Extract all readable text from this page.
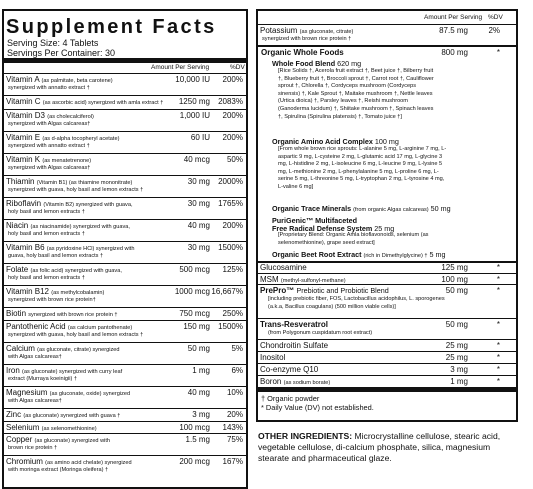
Supplement Facts
Serving Size: 4 Tablets
Servings Per Container: 30
Amount Per Serving	%DV
Vitamin A (as palmitate, beta carotene)
synergized with annatto extract †
10,000 IU 200%
Vitamin C (as ascorbic acid) synergized with amla extract † 1250 mg 2083%
Vitamin D3 (as cholecalciferol)
synergized with Algas calcareas†
1,000 IU 200%
Vitamin E (as d-alpha tocopheryl acetate)
synergized with annatto extract †
60 IU 200%
Vitamin K (as menatetrenone)
synergized with Algas calcareas†
40 mcg 50%
Thiamin (Vitamin B1) (as thiamine mononitrate)
synergized with guava, holy basil and lemon extracts †
30 mg 2000%
Riboflavin (Vitamin B2) synergized with guava,
holy basil and lemon extracts †
30 mg 1765%
Niacin (as niacinamide) synergized with guava,
holy basil and lemon extracts †
40 mg 200%
Vitamin B6 (as pyridoxine HCl) synergized with
guava, holy basil and lemon extracts †
30 mg 1500%
Folate (as folic acid) synergized with guava,
holy basil and lemon extracts †
500 mcg 125%
Vitamin B12 (as methylcobalamin)
synergized with brown rice protein†
1000 mcg 16,667%
Biotin synergized with brown rice protein †	750 mcg 250%
Pantothenic Acid (as calcium pantothenate)
synergized with guava, holy basil and lemon extracts †
150 mg 1500%
Calcium (as gluconate, citrate) synergized
with Algas calcareas†
50 mg	5%
Iron (as gluconate) synergized with curry leaf
extract (Murraya koeinigii) †
1 mg	6%
Magnesium (as gluconate, oxide) synergized
with Algas calcareas†
40 mg 10%
Zinc (as gluconate) synergized with guava †	3 mg 20%
Selenium (as selenomethionine)	100 mcg 143%
Copper (as gluconate) synergized with
brown rice protein †
1.5 mg 75%
Chromium (as amino acid chelate) synergized
with moringa extract (Moringa oleifera) †
200 mcg 167%
Amount Per Serving %DV
Potassium (as gluconate, citrate)
synergized with brown rice protein †
87.5 mg	2%
Organic Whole Foods	800 mg	*
Whole Food Blend 620 mg
[Rice Solids †, Acerola fruit extract †, Beet juice †, Bilberry fruit †, Blueberry fruit †, Broccoli sprout †, Carrot root †, Cauliflower sprout †, Chlorella †, Cordyceps mushroom (Cordyceps sinensis) †, Kale Sprout †, Maitake mushroom †, Nettle leaves (Urtica dioica) †, Parsley leaves †, Reishi mushroom (Ganoderma lucidum) †, Shiitake mushroom †, Spinach leaves †, Spirulina (Spirulina platensis) †, Tomato juice †]
Organic Amino Acid Complex 100 mg
[From whole brown rice sprouts: L-alanine 5 mg, L-arginine 7 mg, L-aspartic 9 mg, L-cysteine 2 mg, L-glutamic acid 17 mg, L-glycine 3 mg, L-histidine 2 mg, L-isoleucine 6 mg, L-leucine 9 mg, L-lysine 5 mg, L-methionine 2 mg, L-phenylalanine 5 mg, L-proline 6 mg, L-serine 5 mg, L-threonine 5 mg, L-tryptophan 2 mg, L-tyrosine 4 mg, L-valine 6 mg]
Organic Trace Minerals (from organic Algas calcareas) 50 mg
PuriGenic™ Multifaceted
Free Radical Defense System 25 mg
[Proprietary Blend: Organic Amla bioflavonoids, selenium (as selenomethionine), grape seed extract]
Organic Beet Root Extract (rich in Dimethylglycine) † 5 mg
Glucosamine	125 mg	*
MSM (methyl-sulfonyl-methane)	100 mg	*
PrePro™ Prebiotic and Probiotic Blend	50 mg	*
[including prebiotic fiber, FOS, Lactobacillus acidophilus, L. sporogenes (a.k.a, Bacillus coagulans) (500 million viable cells)]
Trans-Resveratrol
(from Polygonum cuspidatum root extract)
50 mg	*
Chondroitin Sulfate	25 mg	*
Inositol	25 mg	*
Co-enzyme Q10	3 mg	*
Boron (as sodium borate)	1 mg	*
† Organic powder
* Daily Value (DV) not established.
OTHER INGREDIENTS: Microcrystalline cellulose, stearic acid, vegetable cellulose, di-calcium phosphate, silica, magnesium stearate and pharmaceutical glaze.
